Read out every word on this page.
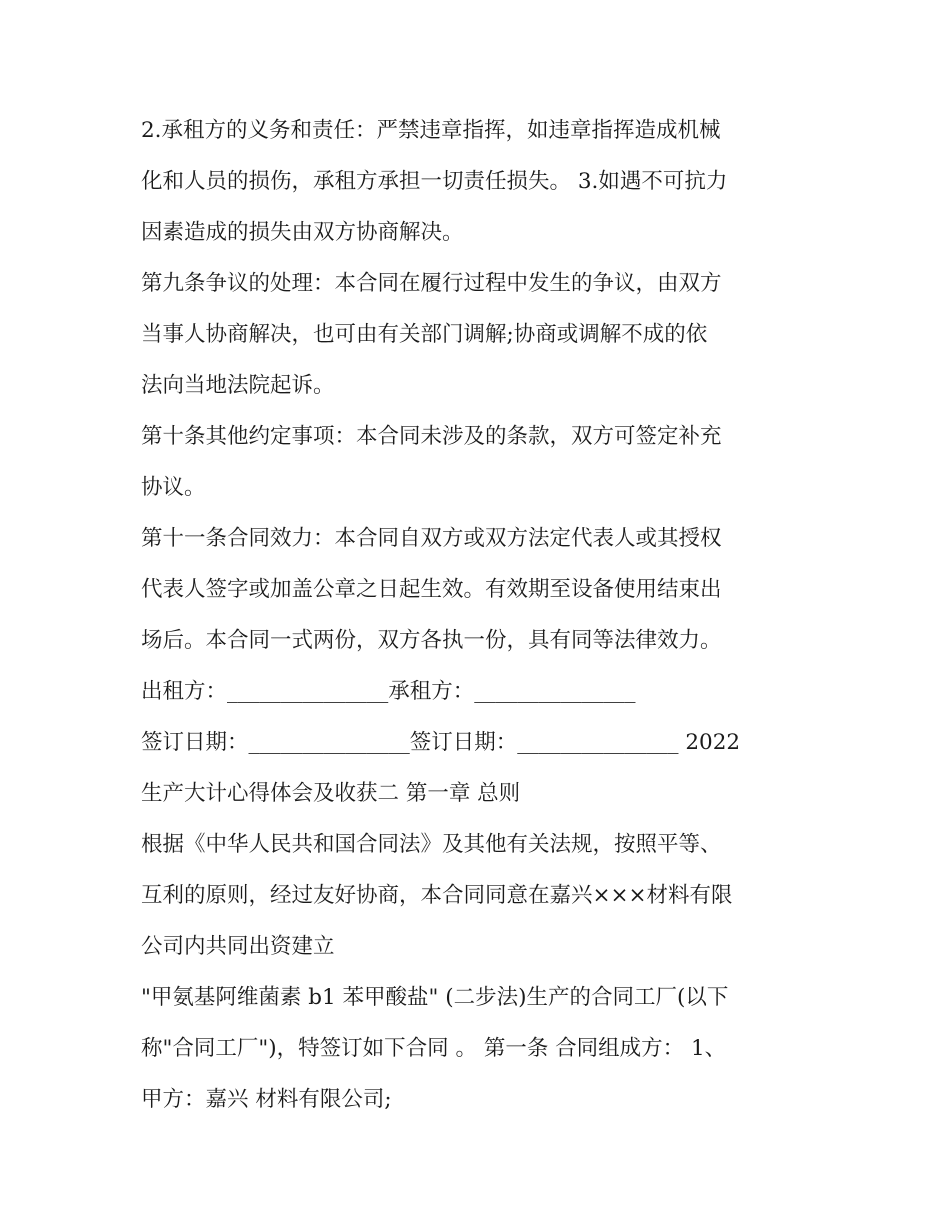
2.承租方的义务和责任：严禁违章指挥，如违章指挥造成机械
化和人员的损伤，承租方承担一切责任损失。 3.如遇不可抗力
因素造成的损失由双方协商解决。
第九条争议的处理：本合同在履行过程中发生的争议，由双方
当事人协商解决，也可由有关部门调解;协商或调解不成的依
法向当地法院起诉。
第十条其他约定事项：本合同未涉及的条款，双方可签定补充
协议。
第十一条合同效力：本合同自双方或双方法定代表人或其授权
代表人签字或加盖公章之日起生效。有效期至设备使用结束出
场后。本合同一式两份，双方各执一份，具有同等法律效力。
出租方：_______________承租方：_______________
签订日期：_______________签订日期：_______________ 2022
生产大计心得体会及收获二 第一章 总则
根据《中华人民共和国合同法》及其他有关法规，按照平等、
互利的原则，经过友好协商，本合同同意在嘉兴×××材料有限
公司内共同出资建立
"甲氨基阿维菌素 b1 苯甲酸盐" (二步法)生产的合同工厂(以下
称"合同工厂")，特签订如下合同 。 第一条 合同组成方： 1、
甲方：嘉兴 材料有限公司;
